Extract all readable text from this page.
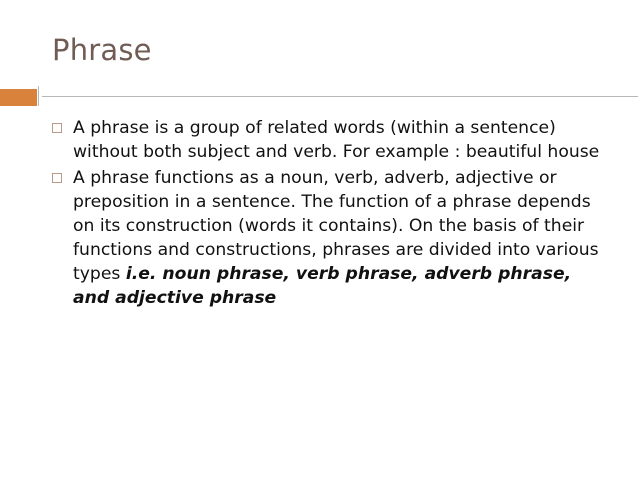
Phrase
A phrase is a group of related words (within a sentence) without both subject and verb. For example : beautiful house
A phrase functions as a noun, verb, adverb, adjective or preposition in a sentence. The function of a phrase depends on its construction (words it contains). On the basis of their functions and constructions, phrases are divided into various types i.e. noun phrase, verb phrase, adverb phrase, and adjective phrase
